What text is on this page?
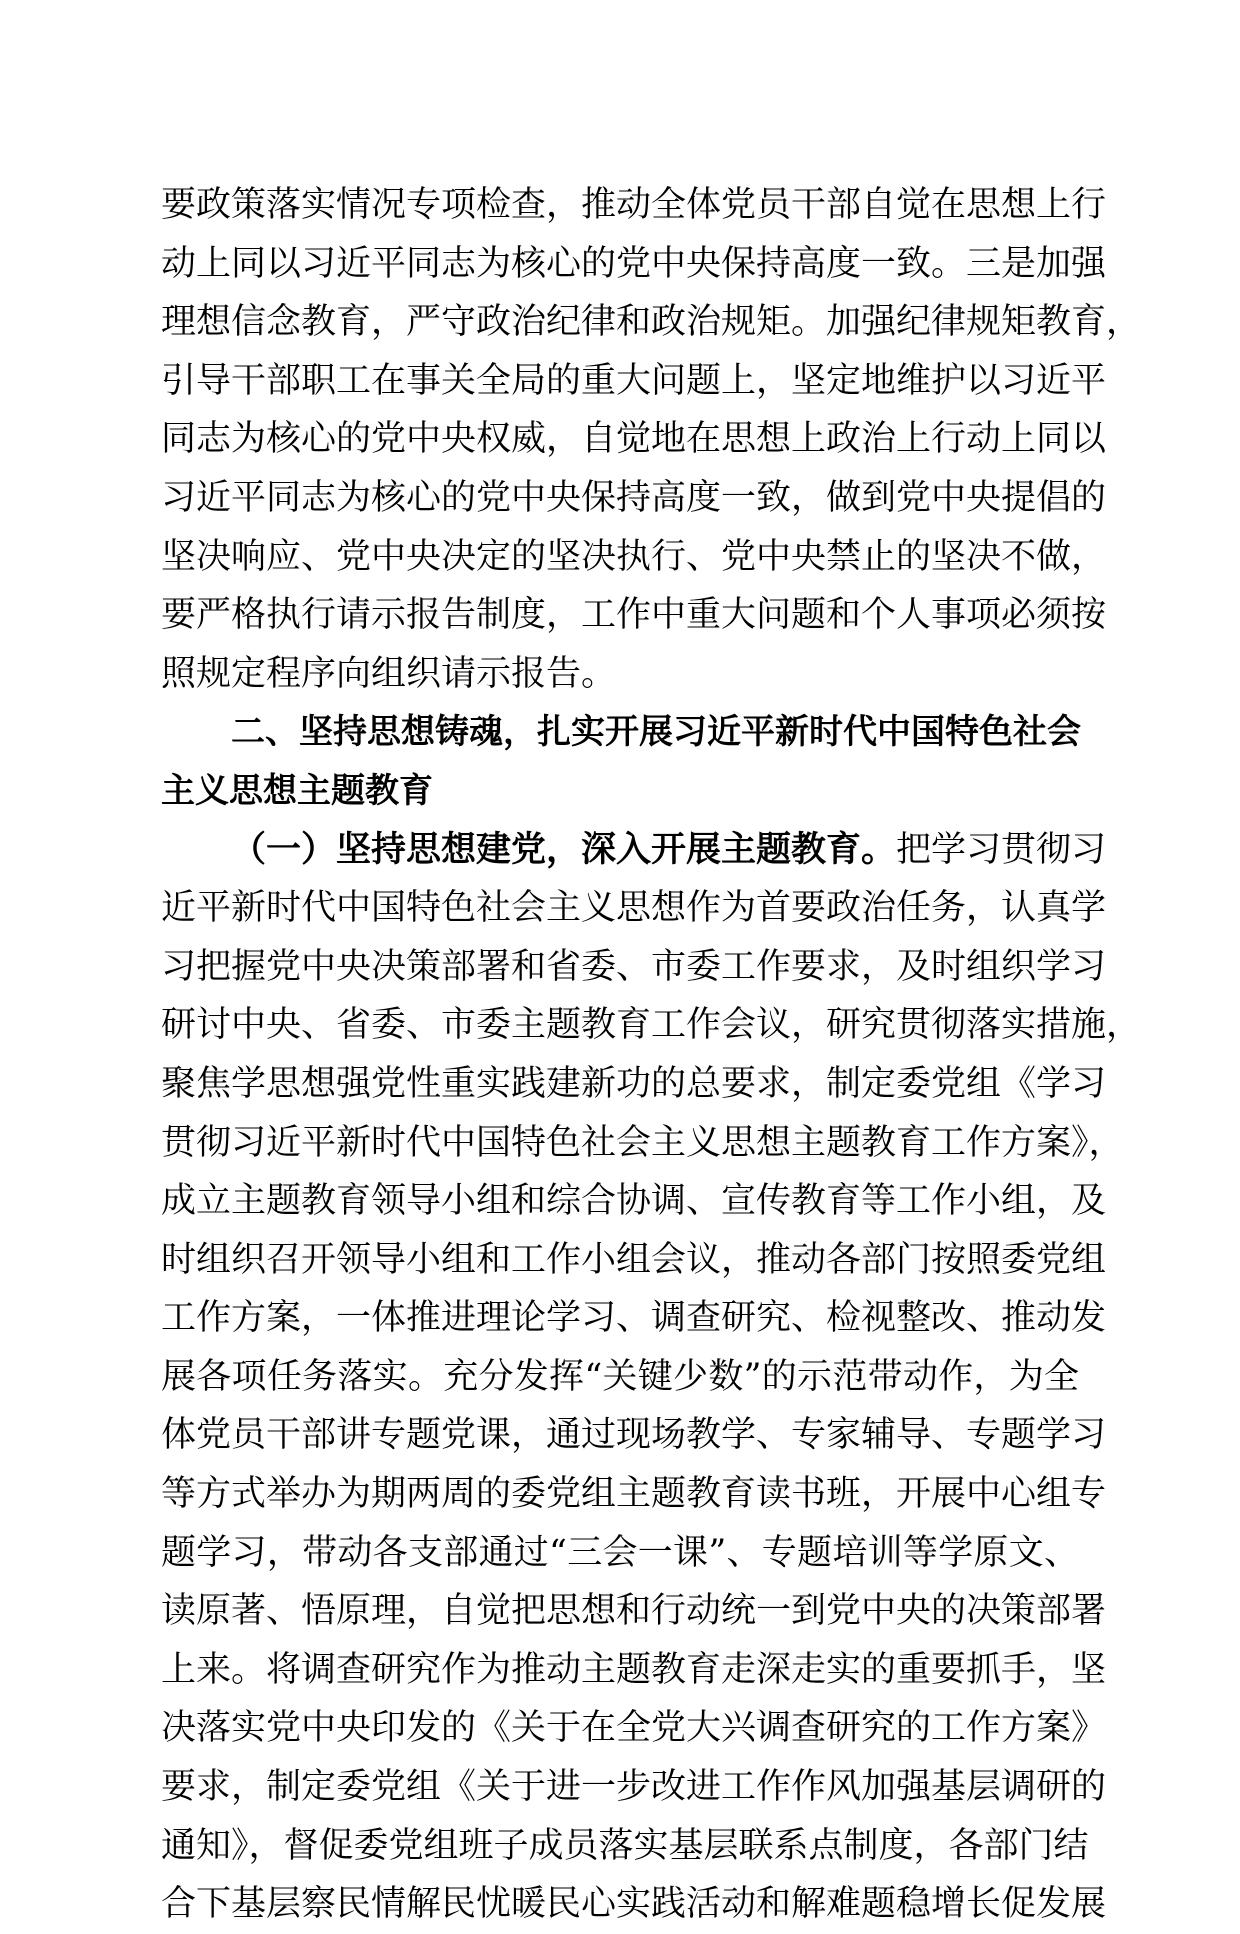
要政策落实情况专项检查，推动全体党员干部自觉在思想上行
动上同以习近平同志为核心的党中央保持高度一致。三是加强
理想信念教育，严守政治纪律和政治规矩。加强纪律规矩教育，
引导干部职工在事关全局的重大问题上，坚定地维护以习近平
同志为核心的党中央权威，自觉地在思想上政治上行动上同以
习近平同志为核心的党中央保持高度一致，做到党中央提倡的
坚决响应、党中央决定的坚决执行、党中央禁止的坚决不做，
要严格执行请示报告制度，工作中重大问题和个人事项必须按
照规定程序向组织请示报告。
二、坚持思想铸魂，扎实开展习近平新时代中国特色社会
主义思想主题教育
（一）坚持思想建党，深入开展主题教育。把学习贯彻习
近平新时代中国特色社会主义思想作为首要政治任务，认真学
习把握党中央决策部署和省委、市委工作要求，及时组织学习
研讨中央、省委、市委主题教育工作会议，研究贯彻落实措施，
聚焦学思想强党性重实践建新功的总要求，制定委党组《学习
贯彻习近平新时代中国特色社会主义思想主题教育工作方案》，
成立主题教育领导小组和综合协调、宣传教育等工作小组，及
时组织召开领导小组和工作小组会议，推动各部门按照委党组
工作方案，一体推进理论学习、调查研究、检视整改、推动发
展各项任务落实。充分发挥“关键少数”的示范带动作，为全
体党员干部讲专题党课，通过现场教学、专家辅导、专题学习
等方式举办为期两周的委党组主题教育读书班，开展中心组专
题学习，带动各支部通过“三会一课”、专题培训等学原文、
读原著、悟原理，自觉把思想和行动统一到党中央的决策部署
上来。将调查研究作为推动主题教育走深走实的重要抓手，坚
决落实党中央印发的《关于在全党大兴调查研究的工作方案》
要求，制定委党组《关于进一步改进工作作风加强基层调研的
通知》，督促委党组班子成员落实基层联系点制度，各部门结
合下基层察民情解民忧暖民心实践活动和解难题稳增长促发展
